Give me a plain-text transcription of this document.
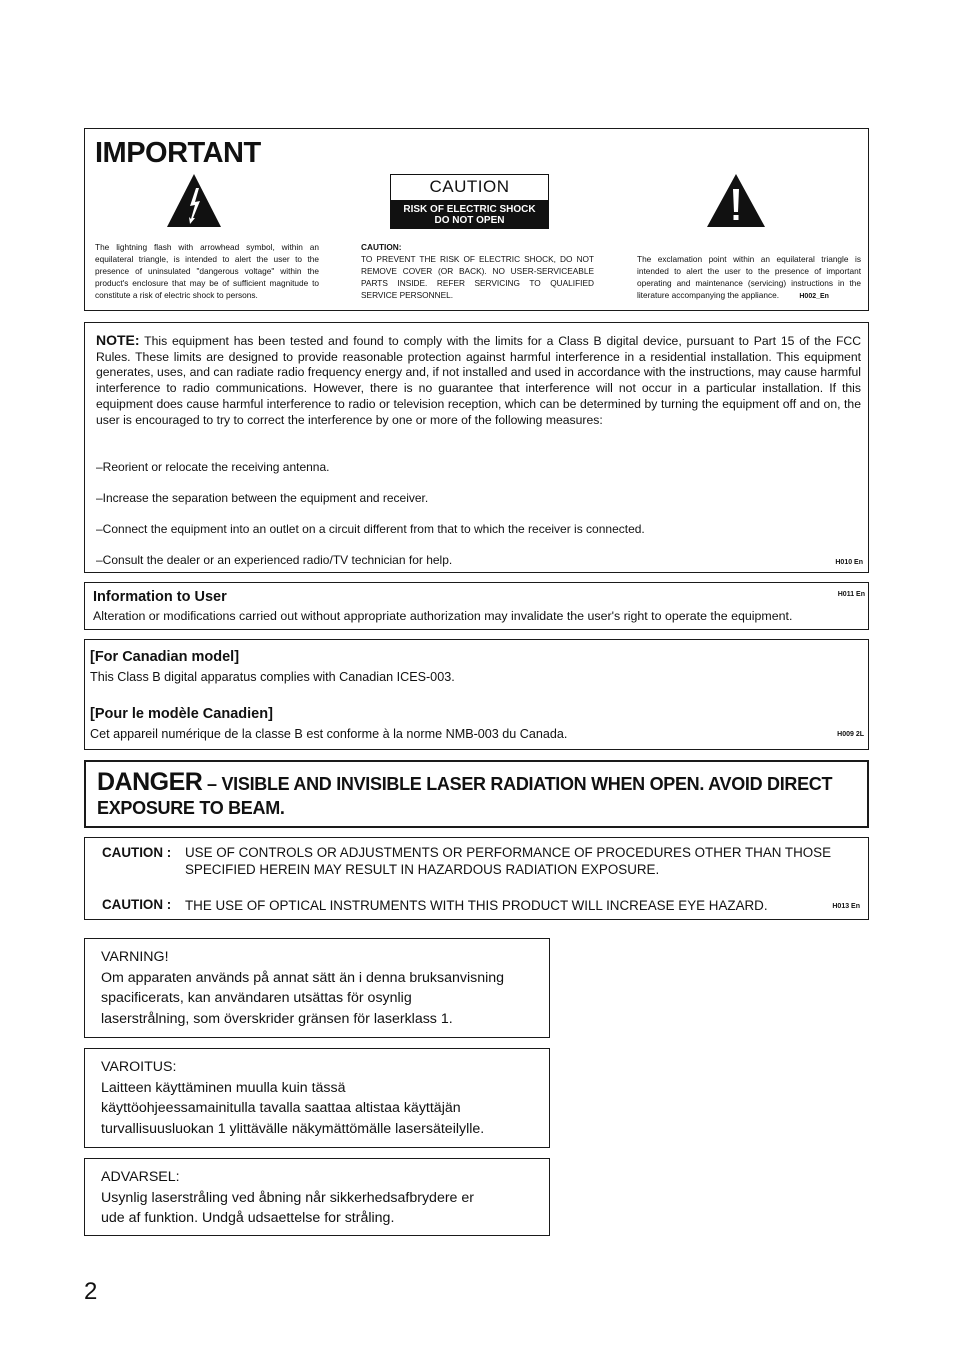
IMPORTANT
CAUTION
RISK OF ELECTRIC SHOCK
DO NOT OPEN
The lightning flash with arrowhead symbol, within an equilateral triangle, is intended to alert the user to the presence of uninsulated "dangerous voltage" within the product's enclosure that may be of sufficient magnitude to constitute a risk of electric shock to persons.
CAUTION:
TO PREVENT THE RISK OF ELECTRIC SHOCK, DO NOT REMOVE COVER (OR BACK). NO USER-SERVICEABLE PARTS INSIDE. REFER SERVICING TO QUALIFIED SERVICE PERSONNEL.
The exclamation point within an equilateral triangle is intended to alert the user to the presence of important operating and maintenance (servicing) instructions in the literature accompanying the appliance.	H002_En
NOTE: This equipment has been tested and found to comply with the limits for a Class B digital device, pursuant to Part 15 of the FCC Rules. These limits are designed to provide reasonable protection against harmful interference in a residential installation. This equipment generates, uses, and can radiate radio frequency energy and, if not installed and used in accordance with the instructions, may cause harmful interference to radio communications. However, there is no guarantee that interference will not occur in a particular installation. If this equipment does cause harmful interference to radio or television reception, which can be determined by turning the equipment off and on, the user is encouraged to try to correct the interference by one or more of the following measures:
–Reorient or relocate the receiving antenna.
–Increase the separation between the equipment and receiver.
–Connect the equipment into an outlet on a circuit different from that to which the receiver is connected.
–Consult the dealer or an experienced radio/TV technician for help.	H010 En
Information to User	H011 En
Alteration or modifications carried out without appropriate authorization may invalidate the user's right to operate the equipment.
[For Canadian model]
This Class B digital apparatus complies with Canadian ICES-003.
[Pour le modèle Canadien]
Cet appareil numérique de la classe B est conforme à la norme NMB-003 du Canada.	H009 2L
DANGER – VISIBLE AND INVISIBLE LASER RADIATION WHEN OPEN. AVOID DIRECT
EXPOSURE TO BEAM.
CAUTION : USE OF CONTROLS OR ADJUSTMENTS OR PERFORMANCE OF PROCEDURES OTHER THAN THOSE
SPECIFIED HEREIN MAY RESULT IN HAZARDOUS RADIATION EXPOSURE.
CAUTION : THE USE OF OPTICAL INSTRUMENTS WITH THIS PRODUCT WILL INCREASE EYE HAZARD.	H013 En
VARNING!
Om apparaten används på annat sätt än i denna bruksanvisning
spacificerats, kan användaren utsättas för osynlig
laserstrålning, som överskrider gränsen för laserklass 1.
VAROITUS:
Laitteen käyttäminen muulla kuin tässä
käyttöohjeessamainitulla tavalla saattaa altistaa käyttäjän
turvallisuusluokan 1 ylittävälle näkymättömälle lasersäteilylle.
ADVARSEL:
Usynlig laserstråling ved åbning når sikkerhedsafbrydere er
ude af funktion. Undgå udsaettelse for stråling.
2
